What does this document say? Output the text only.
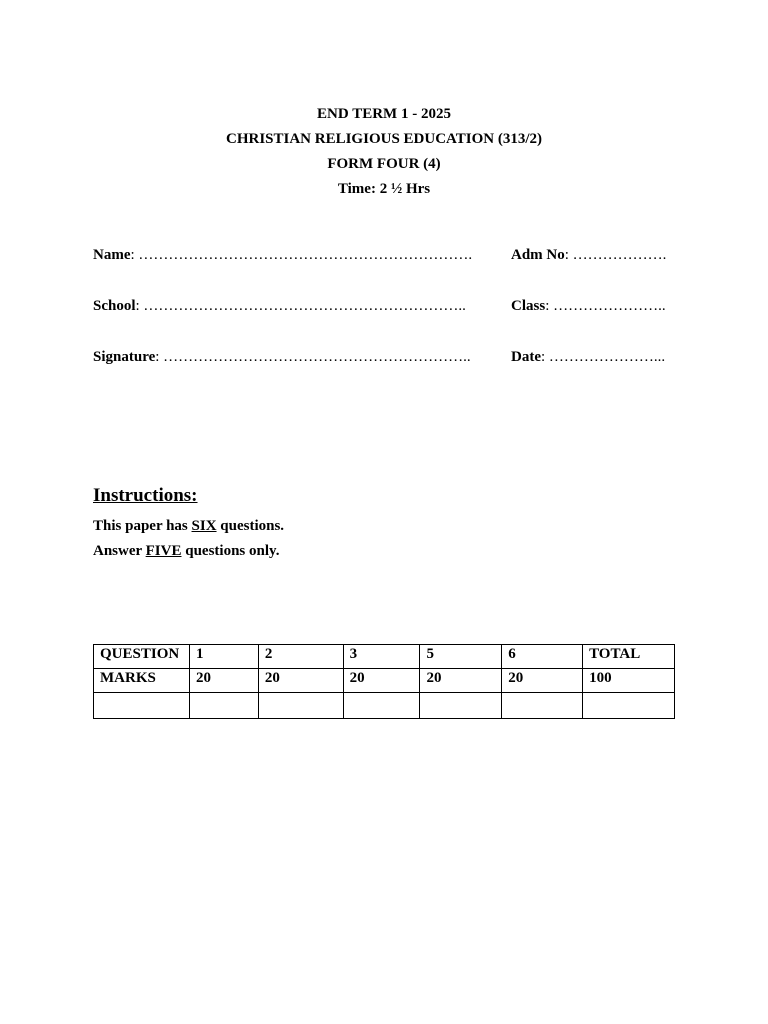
END TERM 1 - 2025
CHRISTIAN RELIGIOUS EDUCATION (313/2)
FORM FOUR (4)
Time: 2 ½ Hrs
Name: ………………………………………………………….	Adm No: ……………….
School: ………………………………………………………..	Class: …………………..
Signature: ……………………………………………………..	Date: …………………...
Instructions:
This paper has SIX questions.
Answer FIVE questions only.
QUESTION	1	2	3	5	6	TOTAL
MARKS	20	20	20	20	20	100
